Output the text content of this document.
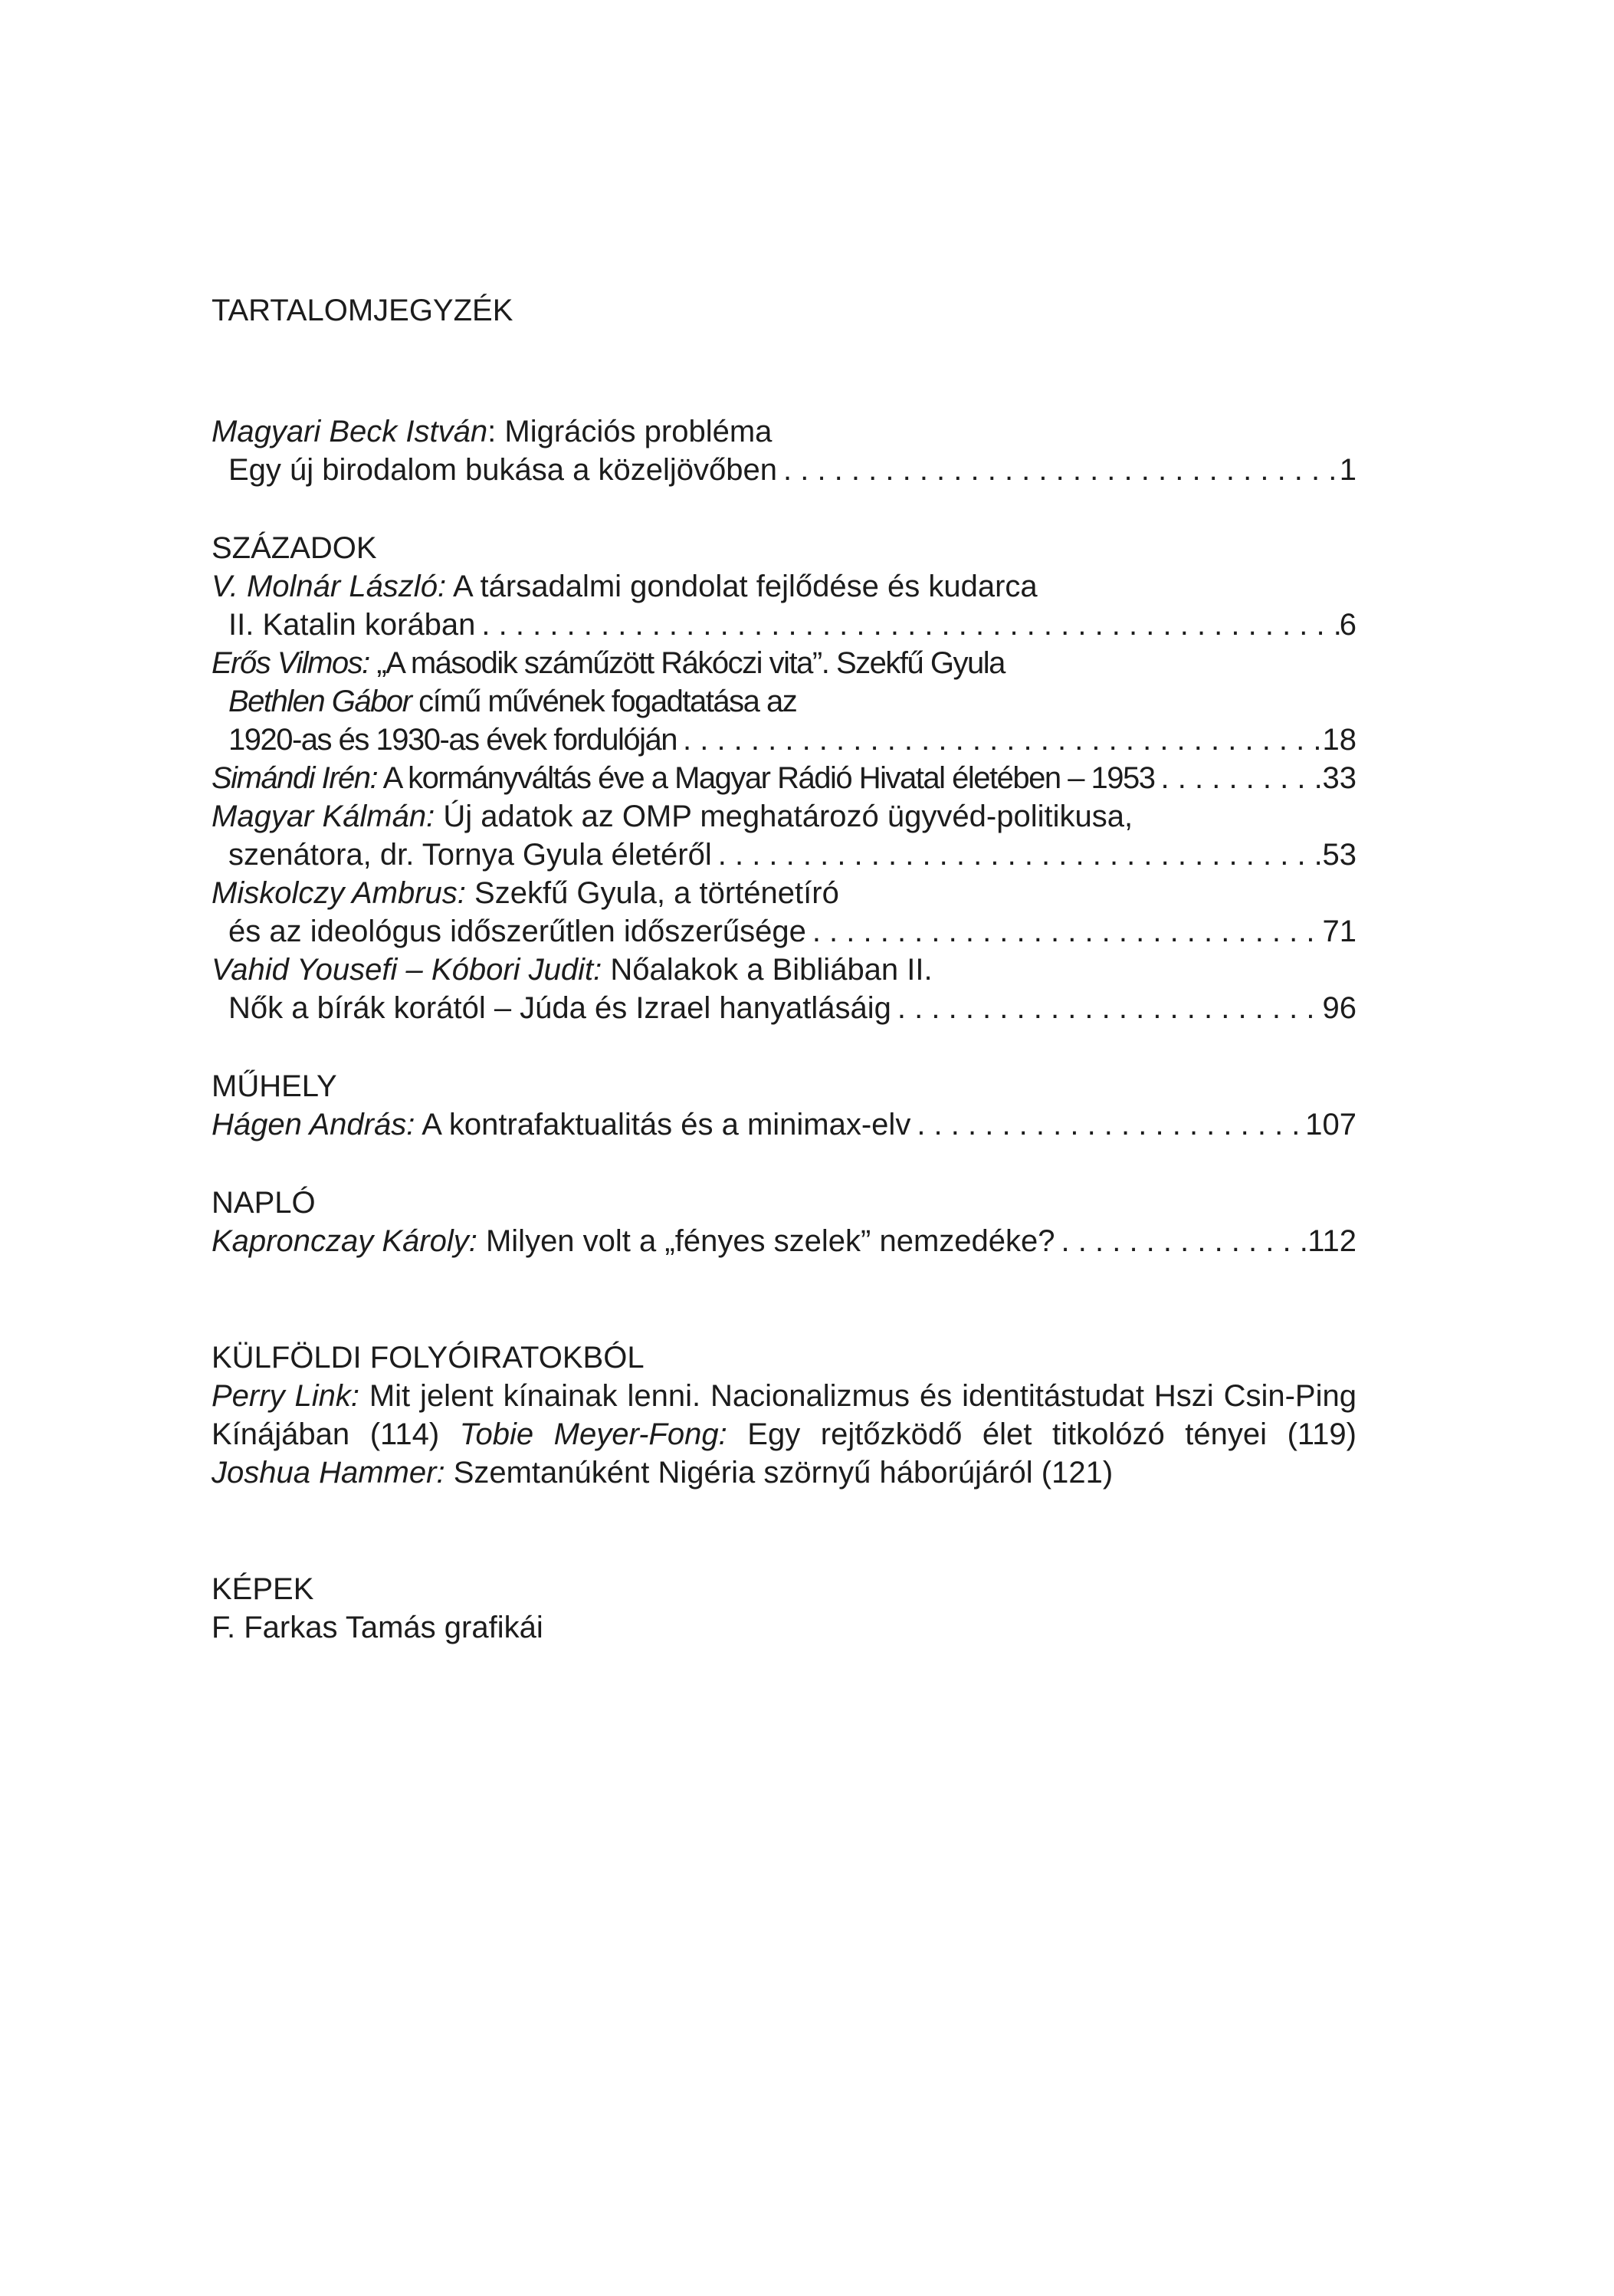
TARTALOMJEGYZÉK
Magyari Beck István: Migrációs probléma
Egy új birodalom bukása a közeljövőben . . .	1
SZÁZADOK
V. Molnár László: A társadalmi gondolat fejlődése és kudarca
II. Katalin korában . . .	6
Erős Vilmos: „A második száműzött Rákóczi vita”. Szekfű Gyula
Bethlen Gábor című művének fogadtatása az
1920-as és 1930-as évek fordulóján . . .	18
Simándi Irén: A kormányváltás éve a Magyar Rádió Hivatal életében – 1953 . . .	33
Magyar Kálmán: Új adatok az OMP meghatározó ügyvéd-politikusa,
szenátora, dr. Tornya Gyula életéről . . .	53
Miskolczy Ambrus: Szekfű Gyula, a történetíró
és az ideológus időszerűtlen időszerűsége . . .	71
Vahid Yousefi – Kóbori Judit: Nőalakok a Bibliában II.
Nők a bírák korától – Júda és Izrael hanyatlásáig . . .	96
MŰHELY
Hágen András: A kontrafaktualitás és a minimax-elv . . .	107
NAPLÓ
Kapronczay Károly: Milyen volt a „fényes szelek” nemzedéke? . . .	112
KÜLFÖLDI FOLYÓIRATOKBÓL
Perry Link: Mit jelent kínainak lenni. Nacionalizmus és identitástudat Hszi Csin-Ping Kínájában (114) Tobie Meyer-Fong: Egy rejtőzködő élet titkolózó tényei (119) Joshua Hammer: Szemtanúként Nigéria szörnyű háborújáról (121)
KÉPEK
F. Farkas Tamás grafikái
